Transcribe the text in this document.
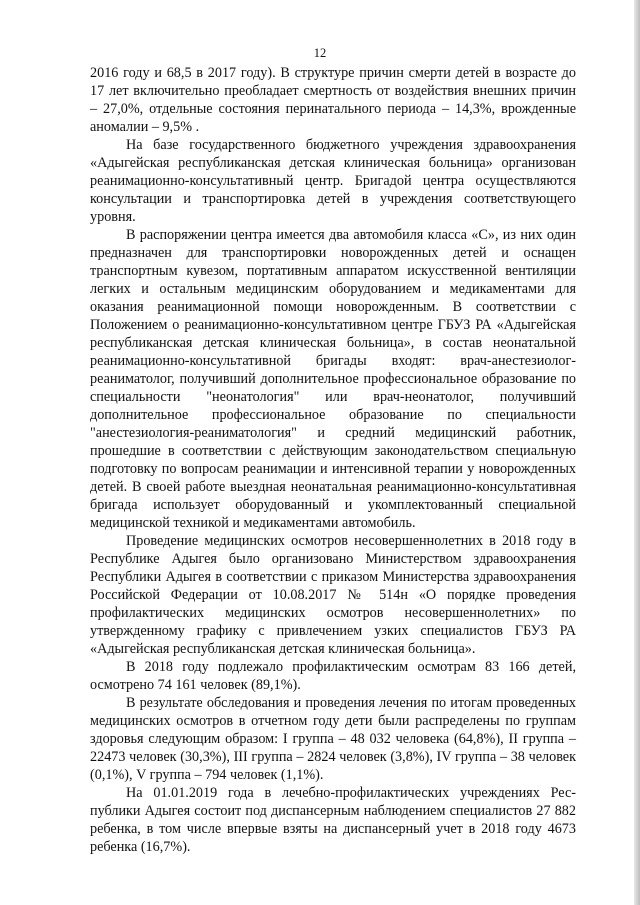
12

2016 году и 68,5 в 2017 году). В структуре причин смерти детей в возрасте до 17 лет включительно преобладает смертность от воздействия внешних причин – 27,0%, отдельные состояния перинатального периода – 14,3%, врожденные аномалии – 9,5% .

На базе государственного бюджетного учреждения здравоохранения «Адыгейская республиканская детская клиническая больница» организован реанимационно-консультативный центр. Бригадой центра осуществляются консультации и транспортировка детей в учреждения соответствующего уровня.

В распоряжении центра имеется два автомобиля класса «С», из них один предназначен для транспортировки новорожденных детей и оснащен транспортным кувезом, портативным аппаратом искусственной вентиляции легких и остальным медицинским оборудованием и медикаментами для оказания реанимационной помощи новорожденным. В соответствии с Положением о реанимационно-консультативном центре ГБУЗ РА «Адыгейская республиканская детская клиническая больница», в состав неонатальной реанимационно-консультативной бригады входят: врач-анестезиолог-реаниматолог, получивший дополнительное профессиональное образование по специальности "неонатология" или врач-неонатолог, получивший дополнительное профессиональное образование по специальности "анестезиология-реаниматология" и средний медицинский работник, прошедшие в соответствии с действующим законодательством специальную подготовку по вопросам реанимации и интенсивной терапии у новорожденных детей. В своей работе выездная неонатальная реанимационно-консультативная бригада использует оборудованный и укомплектованный специальной медицинской техникой и медикаментами автомобиль.

Проведение медицинских осмотров несовершеннолетних в 2018 году в Республике Адыгея было организовано Министерством здравоохранения Республики Адыгея в соответствии с приказом Министерства здравоохранения Российской Федерации от 10.08.2017 № 514н «О порядке проведения профилактических медицинских осмотров несовершеннолетних» по утвержденному графику с привлечением узких специалистов ГБУЗ РА «Адыгейская республиканская детская клиническая больница».

В 2018 году подлежало профилактическим осмотрам 83 166 детей, осмотрено 74 161 человек (89,1%).

В результате обследования и проведения лечения по итогам проведенных медицинских осмотров в отчетном году дети были распределены по группам здоровья следующим образом: I группа – 48 032 человека (64,8%), II группа – 22473 человек (30,3%), III группа – 2824 человек (3,8%), IV группа – 38 человек (0,1%), V группа – 794 человек (1,1%).

На 01.01.2019 года в лечебно-профилактических учреждениях Республики Адыгея состоит под диспансерным наблюдением специалистов 27 882 ребенка, в том числе впервые взяты на диспансерный учет в 2018 году 4673 ребенка (16,7%).
